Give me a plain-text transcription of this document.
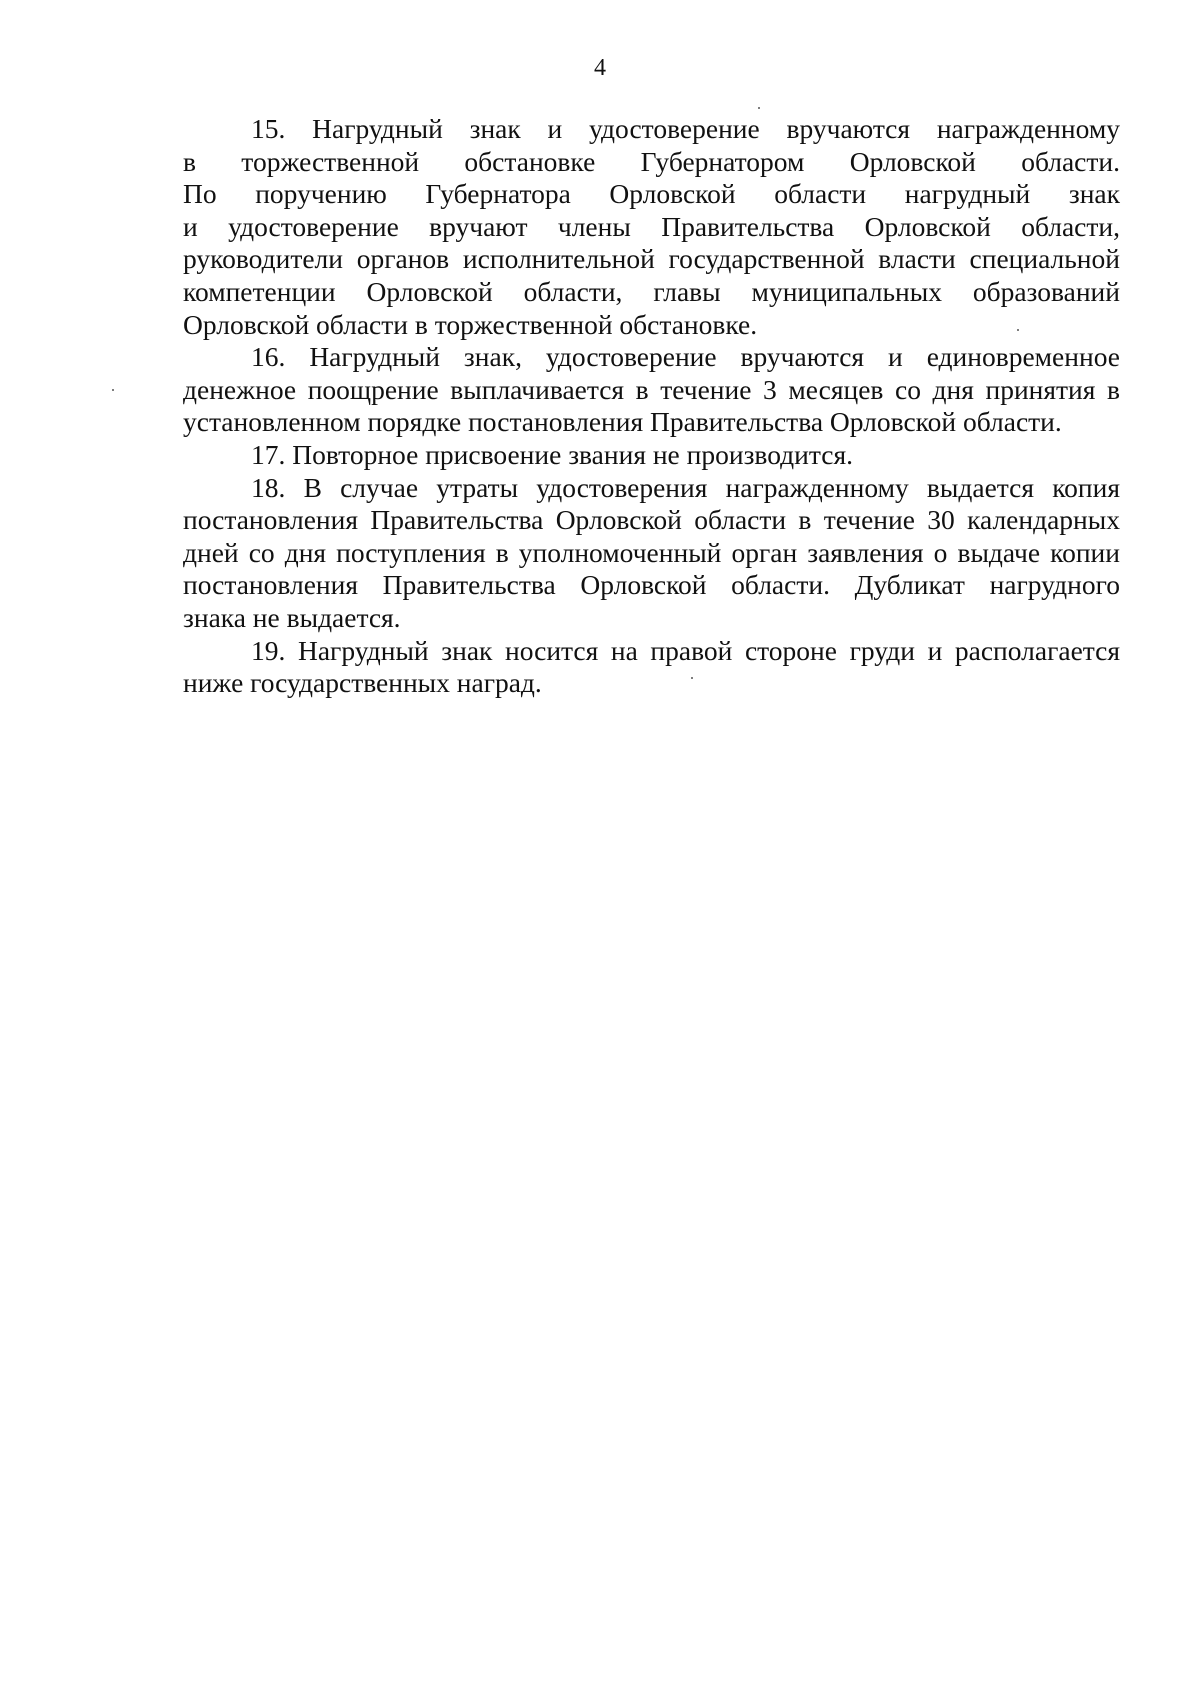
4
15. Нагрудный знак и удостоверение вручаются награжденному
в торжественной обстановке Губернатором Орловской области.
По поручению Губернатора Орловской области нагрудный знак
и удостоверение вручают члены Правительства Орловской области,
руководители органов исполнительной государственной власти специальной
компетенции Орловской области, главы муниципальных образований
Орловской области в торжественной обстановке.
16. Нагрудный знак, удостоверение вручаются и единовременное
денежное поощрение выплачивается в течение 3 месяцев со дня принятия в
установленном порядке постановления Правительства Орловской области.
17. Повторное присвоение звания не производится.
18. В случае утраты удостоверения награжденному выдается копия
постановления Правительства Орловской области в течение 30 календарных
дней со дня поступления в уполномоченный орган заявления о выдаче копии
постановления Правительства Орловской области. Дубликат нагрудного
знака не выдается.
19. Нагрудный знак носится на правой стороне груди и располагается
ниже государственных наград.
